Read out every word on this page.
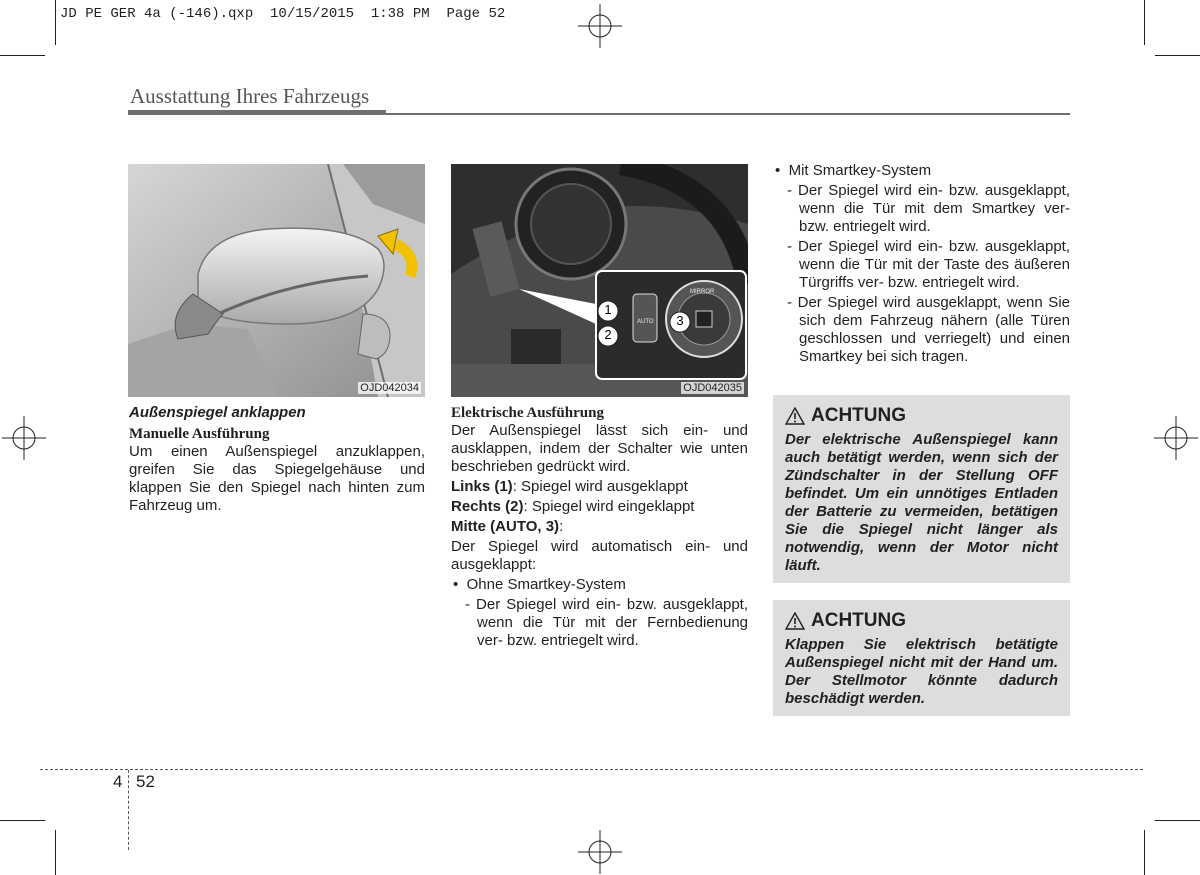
JD PE GER 4a (-146).qxp  10/15/2015  1:38 PM  Page 52
Ausstattung Ihres Fahrzeugs
OJD042034
1
2
3
MIRROR
AUTO
OJD042035

Außenspiegel anklappen

Manuelle Ausführung

Um einen Außenspiegel anzuklappen, greifen Sie das Spiegelgehäuse und klappen Sie den Spiegel nach hinten zum Fahrzeug um.

Elektrische Ausführung

Der Außenspiegel lässt sich ein- und ausklappen, indem der Schalter wie unten beschrieben gedrückt wird.

Links (1): Spiegel wird ausgeklappt

Rechts (2): Spiegel wird eingeklappt

Mitte (AUTO, 3):

Der Spiegel wird automatisch ein- und ausgeklappt:

•  Ohne Smartkey-System

- Der Spiegel wird ein- bzw. ausgeklappt, wenn die Tür mit der Fernbedienung ver- bzw. entriegelt wird.

•  Mit Smartkey-System

- Der Spiegel wird ein- bzw. ausgeklappt, wenn die Tür mit dem Smartkey ver- bzw. entriegelt wird.

- Der Spiegel wird ein- bzw. ausgeklappt, wenn die Tür mit der Taste des äußeren Türgriffs ver- bzw. entriegelt wird.

- Der Spiegel wird ausgeklappt, wenn Sie sich dem Fahrzeug nähern (alle Türen geschlossen und verriegelt) und einen Smartkey bei sich tragen.

ACHTUNG
Der elektrische Außenspiegel kann auch betätigt werden, wenn sich der Zündschalter in der Stellung OFF befindet. Um ein unnötiges Entladen der Batterie zu vermeiden, betätigen Sie die Spiegel nicht länger als notwendig, wenn der Motor nicht läuft.
ACHTUNG
Klappen Sie elektrisch betätigte Außenspiegel nicht mit der Hand um. Der Stellmotor könnte dadurch beschädigt werden.
4 52
